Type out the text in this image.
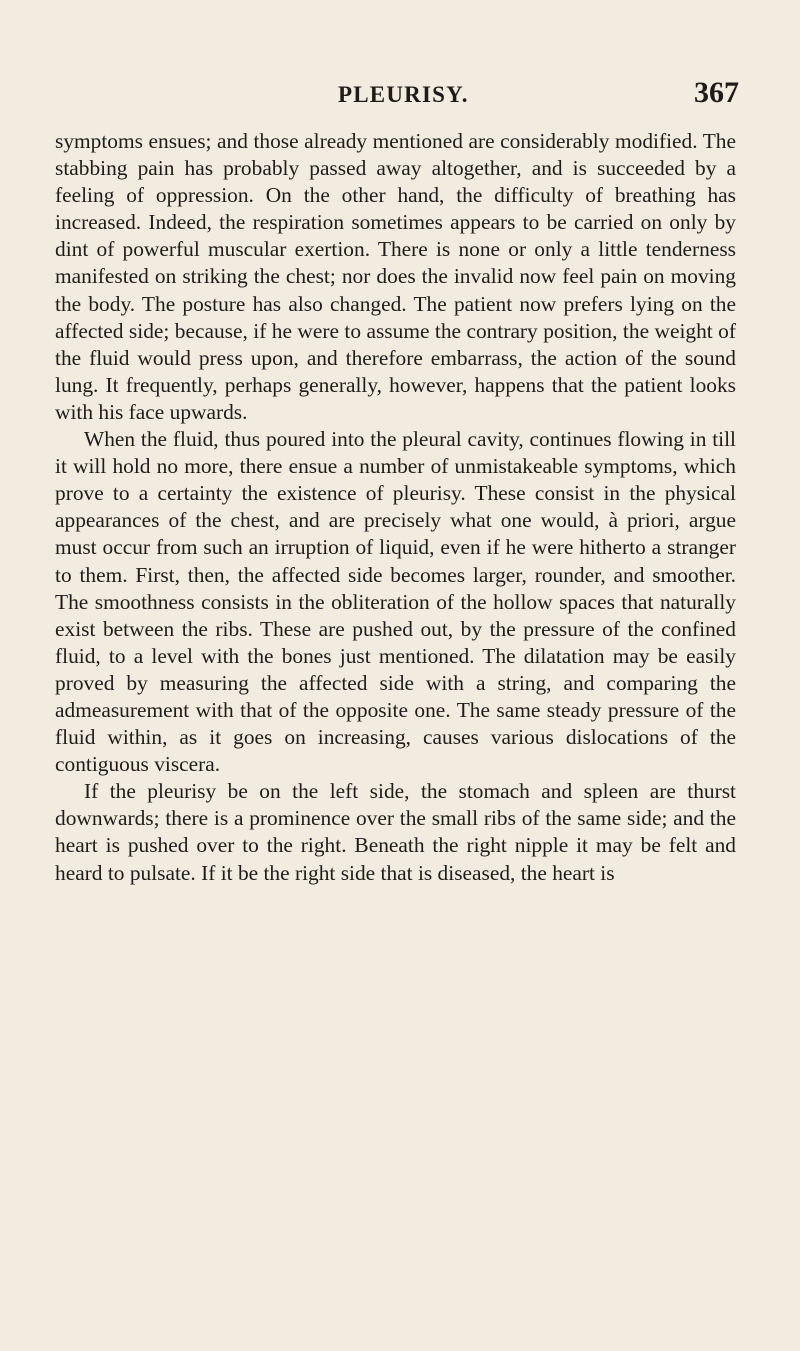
PLEURISY.	367

symptoms ensues; and those already mentioned are considerably modified. The stabbing pain has probably passed away altogether, and is succeeded by a feeling of oppression. On the other hand, the difficulty of breathing has increased. Indeed, the respiration sometimes appears to be carried on only by dint of powerful muscular exertion. There is none or only a little tenderness manifested on striking the chest; nor does the invalid now feel pain on moving the body. The posture has also changed. The patient now prefers lying on the affected side; because, if he were to assume the contrary position, the weight of the fluid would press upon, and therefore embarrass, the action of the sound lung. It frequently, perhaps generally, however, happens that the patient looks with his face upwards.

When the fluid, thus poured into the pleural cavity, continues flowing in till it will hold no more, there ensue a number of unmistakeable symptoms, which prove to a certainty the existence of pleurisy. These consist in the physical appearances of the chest, and are precisely what one would, à priori, argue must occur from such an irruption of liquid, even if he were hitherto a stranger to them. First, then, the affected side becomes larger, rounder, and smoother. The smoothness consists in the obliteration of the hollow spaces that naturally exist between the ribs. These are pushed out, by the pressure of the confined fluid, to a level with the bones just mentioned. The dilatation may be easily proved by measuring the affected side with a string, and comparing the admeasurement with that of the opposite one. The same steady pressure of the fluid within, as it goes on increasing, causes various dislocations of the contiguous viscera.

If the pleurisy be on the left side, the stomach and spleen are thurst downwards; there is a prominence over the small ribs of the same side; and the heart is pushed over to the right. Beneath the right nipple it may be felt and heard to pulsate. If it be the right side that is diseased, the heart is
